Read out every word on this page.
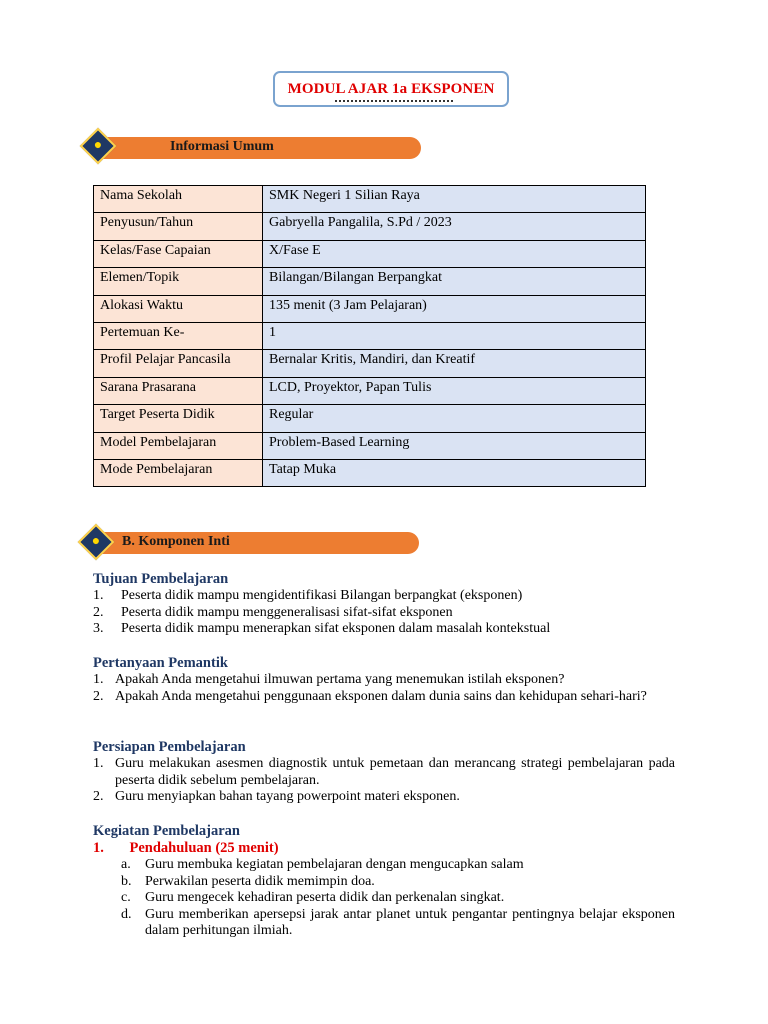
MODUL AJAR 1a EKSPONEN
●	Informasi Umum
Nama Sekolah	SMK Negeri 1 Silian Raya
Penyusun/Tahun	Gabryella Pangalila, S.Pd / 2023
Kelas/Fase Capaian	X/Fase E
Elemen/Topik	Bilangan/Bilangan Berpangkat
Alokasi Waktu	135 menit (3 Jam Pelajaran)
Pertemuan Ke-	1
Profil Pelajar Pancasila	Bernalar Kritis, Mandiri, dan Kreatif
Sarana Prasarana	LCD, Proyektor, Papan Tulis
Target Peserta Didik	Regular
Model Pembelajaran	Problem-Based Learning
Mode Pembelajaran	Tatap Muka
●	B. Komponen Inti
Tujuan Pembelajaran
1. Peserta didik mampu mengidentifikasi Bilangan berpangkat (eksponen)
2. Peserta didik mampu menggeneralisasi sifat-sifat eksponen
3. Peserta didik mampu menerapkan sifat eksponen dalam masalah kontekstual
Pertanyaan Pemantik
1. Apakah Anda mengetahui ilmuwan pertama yang menemukan istilah eksponen?
2. Apakah Anda mengetahui penggunaan eksponen dalam dunia sains dan kehidupan sehari-hari?
Persiapan Pembelajaran
1. Guru melakukan asesmen diagnostik untuk pemetaan dan merancang strategi pembelajaran pada peserta didik sebelum pembelajaran.
2. Guru menyiapkan bahan tayang powerpoint materi eksponen.
Kegiatan Pembelajaran
1. Pendahuluan (25 menit)
a. Guru membuka kegiatan pembelajaran dengan mengucapkan salam
b. Perwakilan peserta didik memimpin doa.
c. Guru mengecek kehadiran peserta didik dan perkenalan singkat.
d. Guru memberikan apersepsi jarak antar planet untuk pengantar pentingnya belajar eksponen dalam perhitungan ilmiah.
